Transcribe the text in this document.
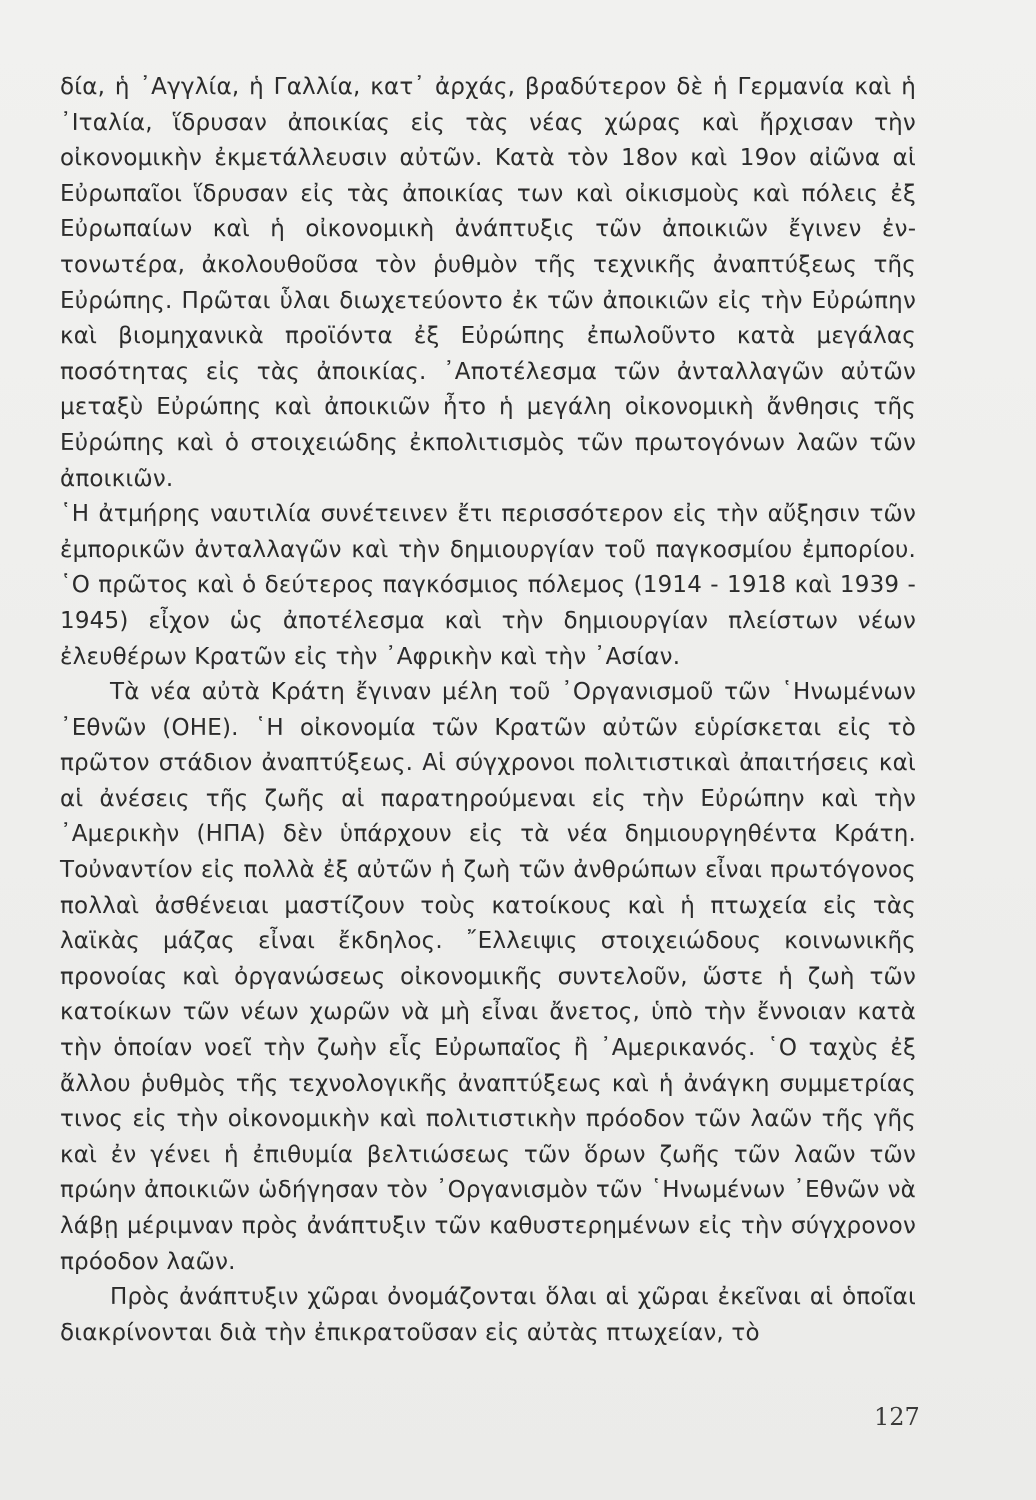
δία, ἡ ᾿Αγγλία, ἡ Γαλλία, κατ᾿ ἀρχάς, βραδύτερον δὲ ἡ Γερμανία καὶ ἡ ᾿Ιταλία, ἵδρυσαν ἀποικίας εἰς τὰς νέας χώρας καὶ ἤρχισαν τὴν οἰκονομικὴν ἐκμετάλλευσιν αὐτῶν. Κατὰ τὸν 18ον καὶ 19ον αἰῶνα αἱ Εὐρωπαῖοι ἵδρυσαν εἰς τὰς ἀποικίας των καὶ οἰκισμοὺς καὶ πόλεις ἐξ Εὐρωπαίων καὶ ἡ οἰκονομικὴ ἀνάπτυξις τῶν ἀποικιῶν ἔγινεν ἐντονωτέρα, ἀκολουθοῦσα τὸν ῥυθμὸν τῆς τεχνικῆς ἀναπτύξεως τῆς Εὐρώπης. Πρῶται ὗλαι διωχετεύοντο ἐκ τῶν ἀποικιῶν εἰς τὴν Εὐρώπην καὶ βιομηχανικὰ προϊόντα ἐξ Εὐρώπης ἐπωλοῦντο κατὰ μεγάλας ποσότητας εἰς τὰς ἀποικίας. ᾿Αποτέλεσμα τῶν ἀνταλλαγῶν αὐτῶν μεταξὺ Εὐρώπης καὶ ἀποικιῶν ἦτο ἡ μεγάλη οἰκονομικὴ ἄνθησις τῆς Εὐρώπης καὶ ὁ στοιχειώδης ἐκπολιτισμὸς τῶν πρωτογόνων λαῶν τῶν ἀποικιῶν.

῾Η ἀτμήρης ναυτιλία συνέτεινεν ἔτι περισσότερον εἰς τὴν αὔξησιν τῶν ἐμπορικῶν ἀνταλλαγῶν καὶ τὴν δημιουργίαν τοῦ παγκοσμίου ἐμπορίου. ῾Ο πρῶτος καὶ ὁ δεύτερος παγκόσμιος πόλεμος (1914 - 1918 καὶ 1939 - 1945) εἶχον ὡς ἀποτέλεσμα καὶ τὴν δημιουργίαν πλείστων νέων ἐλευθέρων Κρατῶν εἰς τὴν ᾿Αφρικὴν καὶ τὴν ᾿Ασίαν.

Τὰ νέα αὐτὰ Κράτη ἔγιναν μέλη τοῦ ᾿Οργανισμοῦ τῶν ῾Ηνωμένων ᾿Εθνῶν (ΟΗΕ). ῾Η οἰκονομία τῶν Κρατῶν αὐτῶν εὑρίσκεται εἰς τὸ πρῶτον στάδιον ἀναπτύξεως. Αἱ σύγχρονοι πολιτιστικαὶ ἀπαιτήσεις καὶ αἱ ἀνέσεις τῆς ζωῆς αἱ παρατηρούμεναι εἰς τὴν Εὐρώπην καὶ τὴν ᾿Αμερικὴν (ΗΠΑ) δὲν ὑπάρχουν εἰς τὰ νέα δημιουργηθέντα Κράτη. Τοὐναντίον εἰς πολλὰ ἐξ αὐτῶν ἡ ζωὴ τῶν ἀνθρώπων εἶναι πρωτόγονος πολλαὶ ἀσθένειαι μαστίζουν τοὺς κατοίκους καὶ ἡ πτωχεία εἰς τὰς λαϊκὰς μάζας εἶναι ἔκδηλος. ῎Ελλειψις στοιχειώδους κοινωνικῆς προνοίας καὶ ὀργανώσεως οἰκονομικῆς συντελοῦν, ὥστε ἡ ζωὴ τῶν κατοίκων τῶν νέων χωρῶν νὰ μὴ εἶναι ἄνετος, ὑπὸ τὴν ἔννοιαν κατὰ τὴν ὁποίαν νοεῖ τὴν ζωὴν εἷς Εὐρωπαῖος ἢ ᾿Αμερικανός. ῾Ο ταχὺς ἐξ ἄλλου ῥυθμὸς τῆς τεχνολογικῆς ἀναπτύξεως καὶ ἡ ἀνάγκη συμμετρίας τινος εἰς τὴν οἰκονομικὴν καὶ πολιτιστικὴν πρόοδον τῶν λαῶν τῆς γῆς καὶ ἐν γένει ἡ ἐπιθυμία βελτιώσεως τῶν ὅρων ζωῆς τῶν λαῶν τῶν πρώην ἀποικιῶν ὡδήγησαν τὸν ᾿Οργανισμὸν τῶν ῾Ηνωμένων ᾿Εθνῶν νὰ λάβῃ μέριμναν πρὸς ἀνάπτυξιν τῶν καθυστερημένων εἰς τὴν σύγχρονον πρόοδον λαῶν.

Πρὸς ἀνάπτυξιν χῶραι ὀνομάζονται ὅλαι αἱ χῶραι ἐκεῖναι αἱ ὁποῖαι διακρίνονται διὰ τὴν ἐπικρατοῦσαν εἰς αὐτὰς πτωχείαν, τὸ

127
